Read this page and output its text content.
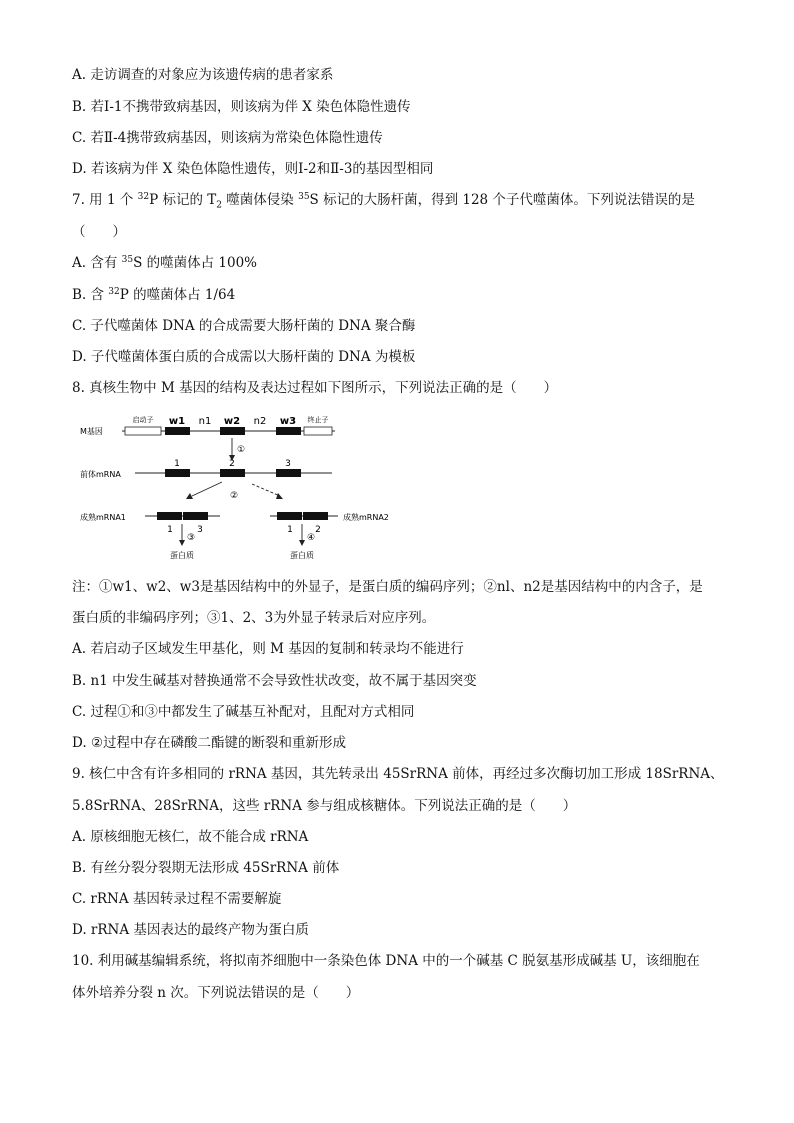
A. 走访调查的对象应为该遗传病的患者家系
B. 若Ⅰ-1不携带致病基因，则该病为伴 X 染色体隐性遗传
C. 若Ⅱ-4携带致病基因，则该病为常染色体隐性遗传
D. 若该病为伴 X 染色体隐性遗传，则Ⅰ-2和Ⅱ-3的基因型相同
7. 用 1 个 $^{32}$P 标记的 $T_2$ 噬菌体侵染 $^{35}$S 标记的大肠杆菌，得到 128 个子代噬菌体。下列说法错误的是
（　　）
A. 含有 $^{35}$S 的噬菌体占 100%
B. 含 $^{32}$P 的噬菌体占 1/64
C. 子代噬菌体 DNA 的合成需要大肠杆菌的 DNA 聚合酶
D. 子代噬菌体蛋白质的合成需以大肠杆菌的 DNA 为模板
8. 真核生物中 M 基因的结构及表达过程如下图所示，下列说法正确的是（　　）
M基因
启动子 w1 n1 w2 n2 w3 终止子
①
前体mRNA
1	2	3
②
成熟mRNA1
1	3
成熟mRNA2
1 2
③	④
蛋白质	蛋白质
注：①w1、w2、w3是基因结构中的外显子，是蛋白质的编码序列；②nl、n2是基因结构中的内含子，是
蛋白质的非编码序列；③1、2、3为外显子转录后对应序列。
A. 若启动子区域发生甲基化，则 M 基因的复制和转录均不能进行
B. n1 中发生碱基对替换通常不会导致性状改变，故不属于基因突变
C. 过程①和③中都发生了碱基互补配对，且配对方式相同
D. ②过程中存在磷酸二酯键的断裂和重新形成
9. 核仁中含有许多相同的 rRNA 基因，其先转录出 45SrRNA 前体，再经过多次酶切加工形成 18SrRNA、
5.8SrRNA、28SrRNA，这些 rRNA 参与组成核糖体。下列说法正确的是（　　）
A. 原核细胞无核仁，故不能合成 rRNA
B. 有丝分裂分裂期无法形成 45SrRNA 前体
C. rRNA 基因转录过程不需要解旋
D. rRNA 基因表达的最终产物为蛋白质
10. 利用碱基编辑系统，将拟南芥细胞中一条染色体 DNA 中的一个碱基 C 脱氨基形成碱基 U，该细胞在
体外培养分裂 n 次。下列说法错误的是（　　）
